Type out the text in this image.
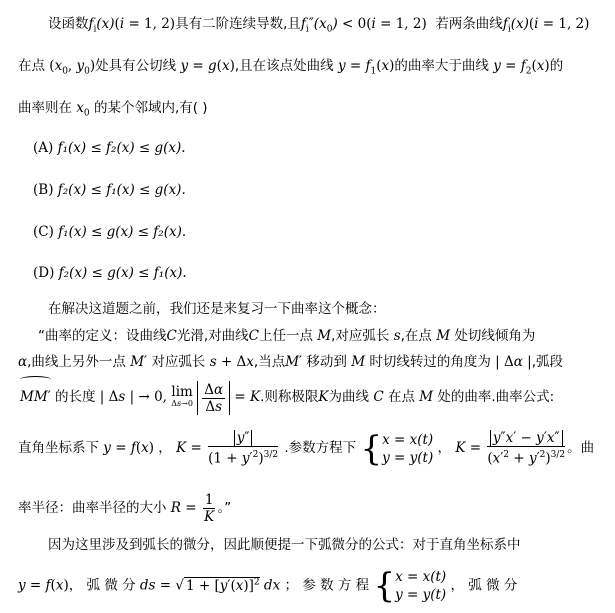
设函数$f_i(x)(i = 1$, 2)具有二阶连续导数,且$f_i''(x_0) < 0(i = 1$, 2)  若两条曲线$f_i(x)(i = 1$, 2)
在点 ($x_0$, $y_0$)处具有公切线 y = g(x),且在该点处曲线 $y = f_1(x)$的曲率大于曲线 $y = f_2(x)$的
曲率则在 $x_0$ 的某个邻域内,有( )
(A) f₁(x) ≤ f₂(x) ≤ g(x).
(B) f₂(x) ≤ f₁(x) ≤ g(x).
(C) f₁(x) ≤ g(x) ≤ f₂(x).
(D) f₂(x) ≤ g(x) ≤ f₁(x).
在解决这道题之前，我们还是来复习一下曲率这个概念：
“曲率的定义：设曲线C光滑,对曲线C上任一点 M,对应弧长 s,在点 M 处切线倾角为
α,曲线上另外一点 M′ 对应弧长 s + Δx,当点M′ 移动到 M 时切线转过的角度为 | Δα |,弧段
MM′ 的长度 | Δs | → 0, lim
Δs→0
$\frac{\Delta\alpha}{\Delta s} = K$.则称极限K为曲线 C 在点 M 处的曲率.曲率公式:
直角坐标系下 y = f(x) ， $K = \frac{y''}{(1 + y'^2)^{3/2}}$ .参数方程下 { x = x(t)
y = y(t)
， $K = \frac{y''x' - y'x''}{(x'^2 + y'^2)^{3/2}}$ 。曲
率半径：曲率半径的大小 $R = \frac{1}{K}$ 。”
因为这里涉及到弧长的微分，因此顺便提一下弧微分的公式：对于直角坐标系中
y = f(x)， 弧 微 分 ds = √ $1 + [y'(x)]^2$ dx ； 参 数 方 程 { x = x(t)
y = y(t)
， 弧 微 分
